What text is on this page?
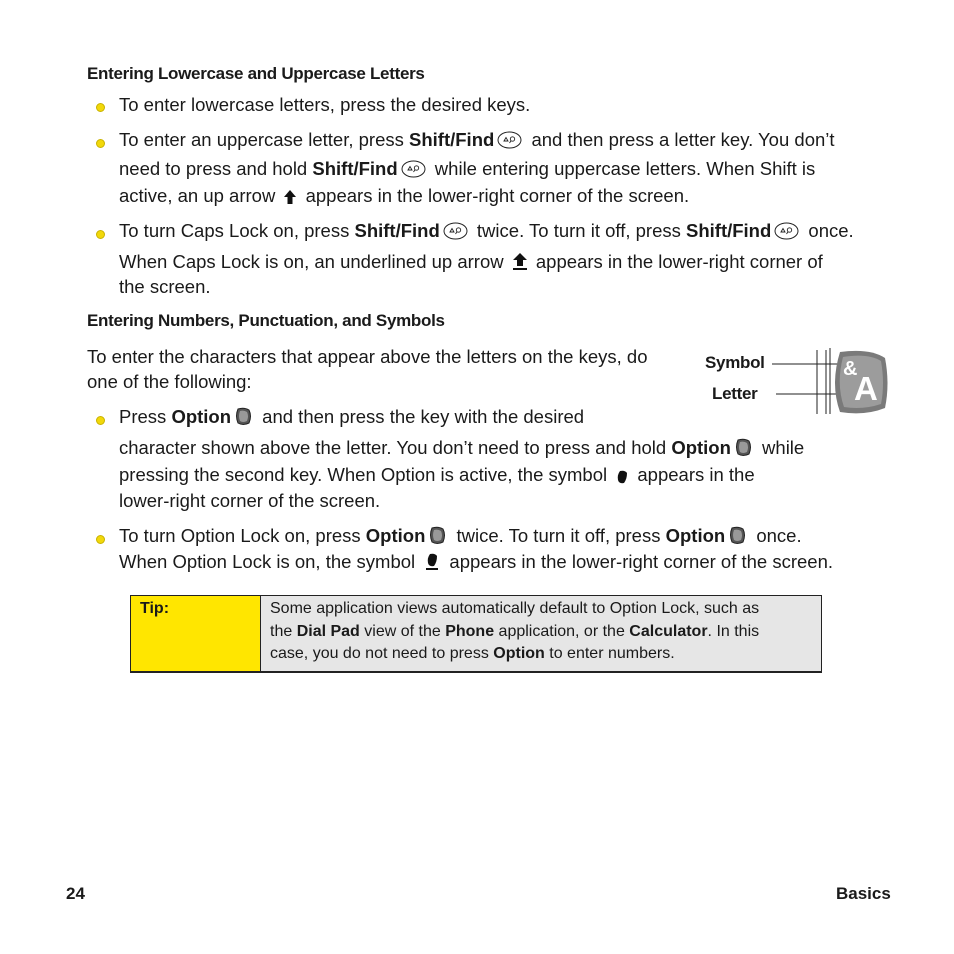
Entering Lowercase and Uppercase Letters
To enter lowercase letters, press the desired keys.
To enter an uppercase letter, press Shift/Find and then press a letter key. You don’t
need to press and hold Shift/Find while entering uppercase letters. When Shift is
active, an up arrow  appears in the lower-right corner of the screen.
To turn Caps Lock on, press Shift/Find twice. To turn it off, press Shift/Find once.
When Caps Lock is on, an underlined up arrow  appears in the lower-right corner of
the screen.
Entering Numbers, Punctuation, and Symbols
To enter the characters that appear above the letters on the keys, do
one of the following:
Symbol
Letter
&
A
Press Option and then press the key with the desired
character shown above the letter. You don’t need to press and hold Option while
pressing the second key. When Option is active, the symbol  appears in the
lower-right corner of the screen.
To turn Option Lock on, press Option twice. To turn it off, press Option once.
When Option Lock is on, the symbol  appears in the lower-right corner of the screen.
Tip:	Some application views automatically default to Option Lock, such as
the Dial Pad view of the Phone application, or the Calculator. In this
case, you do not need to press Option to enter numbers.
24	Basics
